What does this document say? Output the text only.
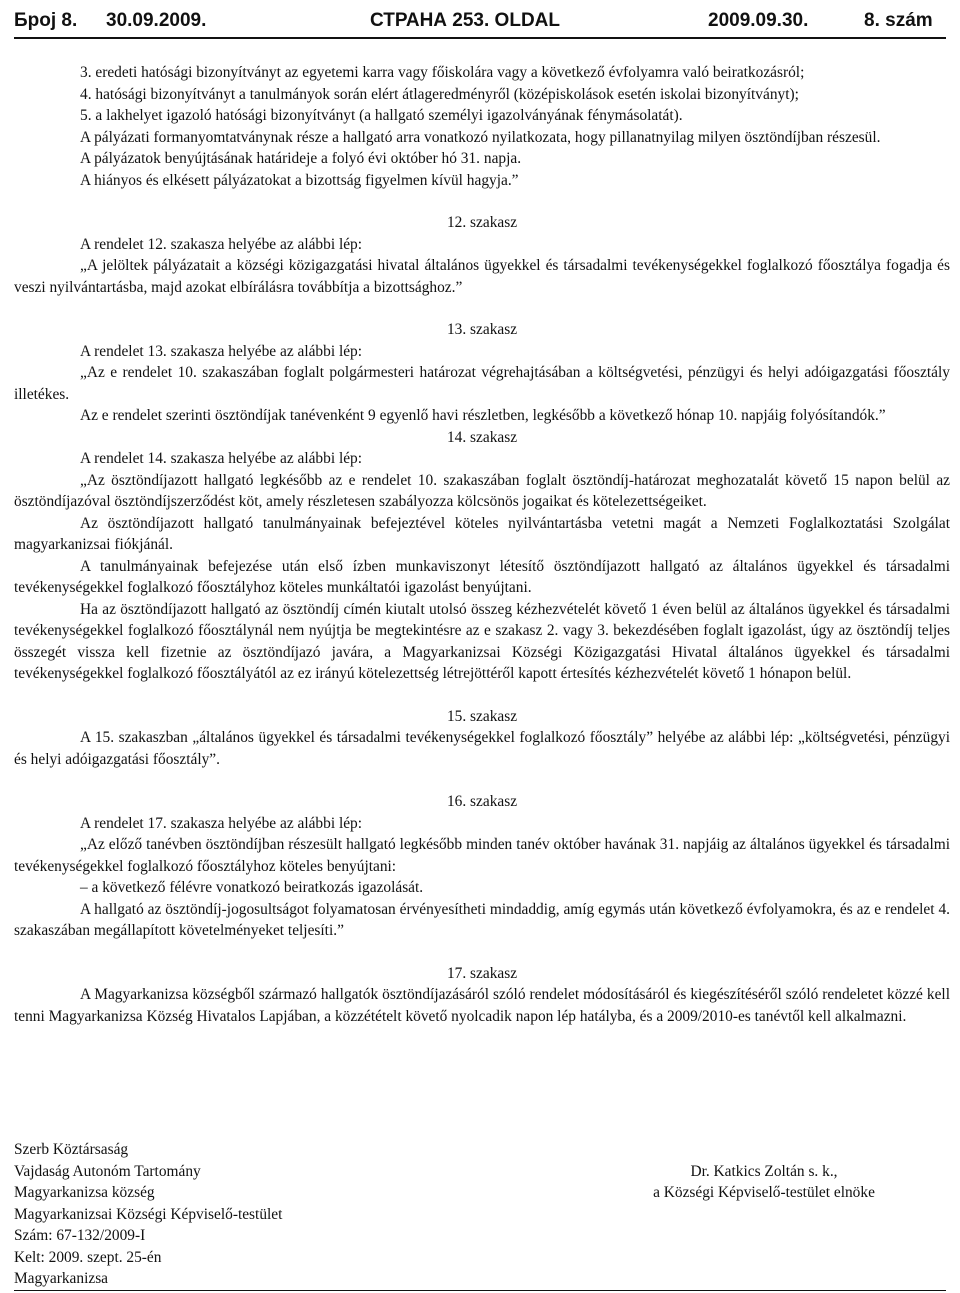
Број 8. 30.09.2009.	СТРАНА 253. OLDAL	2009.09.30.	8. szám

3. eredeti hatósági bizonyítványt az egyetemi karra vagy főiskolára vagy a következő évfolyamra való beiratkozásról;

4. hatósági bizonyítványt a tanulmányok során elért átlageredményről (középiskolások esetén iskolai bizonyítványt);

5. a lakhelyet igazoló hatósági bizonyítványt (a hallgató személyi igazolványának fénymásolatát).

A pályázati formanyomtatványnak része a hallgató arra vonatkozó nyilatkozata, hogy pillanatnyilag milyen ösztöndíjban részesül.

A pályázatok benyújtásának határideje a folyó évi október hó 31. napja.

A hiányos és elkésett pályázatokat a bizottság figyelmen kívül hagyja.”

12. szakasz

A rendelet 12. szakasza helyébe az alábbi lép:

„A jelöltek pályázatait a községi közigazgatási hivatal általános ügyekkel és társadalmi tevékenységekkel foglalkozó főosztálya fogadja és veszi nyilvántartásba, majd azokat elbírálásra továbbítja a bizottsághoz.”

13. szakasz

A rendelet 13. szakasza helyébe az alábbi lép:

„Az e rendelet 10. szakaszában foglalt polgármesteri határozat végrehajtásában a költségvetési, pénzügyi és helyi adóigazgatási főosztály illetékes.

Az e rendelet szerinti ösztöndíjak tanévenként 9 egyenlő havi részletben, legkésőbb a következő hónap 10. napjáig folyósítandók.”

14. szakasz

A rendelet 14. szakasza helyébe az alábbi lép:

„Az ösztöndíjazott hallgató legkésőbb az e rendelet 10. szakaszában foglalt ösztöndíj-határozat meghozatalát követő 15 napon belül az ösztöndíjazóval ösztöndíjszerződést köt, amely részletesen szabályozza kölcsönös jogaikat és kötelezettségeiket.

Az ösztöndíjazott hallgató tanulmányainak befejeztével köteles nyilvántartásba vetetni magát a Nemzeti Foglalkoztatási Szolgálat magyarkanizsai fiókjánál.

A tanulmányainak befejezése után első ízben munkaviszonyt létesítő ösztöndíjazott hallgató az általános ügyekkel és társadalmi tevékenységekkel foglalkozó főosztályhoz köteles munkáltatói igazolást benyújtani.

Ha az ösztöndíjazott hallgató az ösztöndíj címén kiutalt utolsó összeg kézhezvételét követő 1 éven belül az általános ügyekkel és társadalmi tevékenységekkel foglalkozó főosztálynál nem nyújtja be megtekintésre az e szakasz 2. vagy 3. bekezdésében foglalt igazolást, úgy az ösztöndíj teljes összegét vissza kell fizetnie az ösztöndíjazó javára, a Magyarkanizsai Községi Közigazgatási Hivatal általános ügyekkel és társadalmi tevékenységekkel foglalkozó főosztályától az ez irányú kötelezettség létrejöttéről kapott értesítés kézhezvételét követő 1 hónapon belül.

15. szakasz

A 15. szakaszban „általános ügyekkel és társadalmi tevékenységekkel foglalkozó főosztály” helyébe az alábbi lép: „költségvetési, pénzügyi és helyi adóigazgatási főosztály”.

16. szakasz

A rendelet 17. szakasza helyébe az alábbi lép:

„Az előző tanévben ösztöndíjban részesült hallgató legkésőbb minden tanév október havának 31. napjáig az általános ügyekkel és társadalmi tevékenységekkel foglalkozó főosztályhoz köteles benyújtani:

– a következő félévre vonatkozó beiratkozás igazolását.

A hallgató az ösztöndíj-jogosultságot folyamatosan érvényesítheti mindaddig, amíg egymás után következő évfolyamokra, és az e rendelet 4. szakaszában megállapított követelményeket teljesíti.”

17. szakasz

A Magyarkanizsa községből származó hallgatók ösztöndíjazásáról szóló rendelet módosításáról és kiegészítéséről szóló rendeletet közzé kell tenni Magyarkanizsa Község Hivatalos Lapjában, a közzétételt követő nyolcadik napon lép hatályba, és a 2009/2010-es tanévtől kell alkalmazni.

Szerb Köztársaság
Vajdaság Autonóm Tartomány
Magyarkanizsa község
Magyarkanizsai Községi Képviselő-testület
Szám: 67-132/2009-I
Kelt: 2009. szept. 25-én
Magyarkanizsa
Dr. Katkics Zoltán s. k.,
a Községi Képviselő-testület elnöke
